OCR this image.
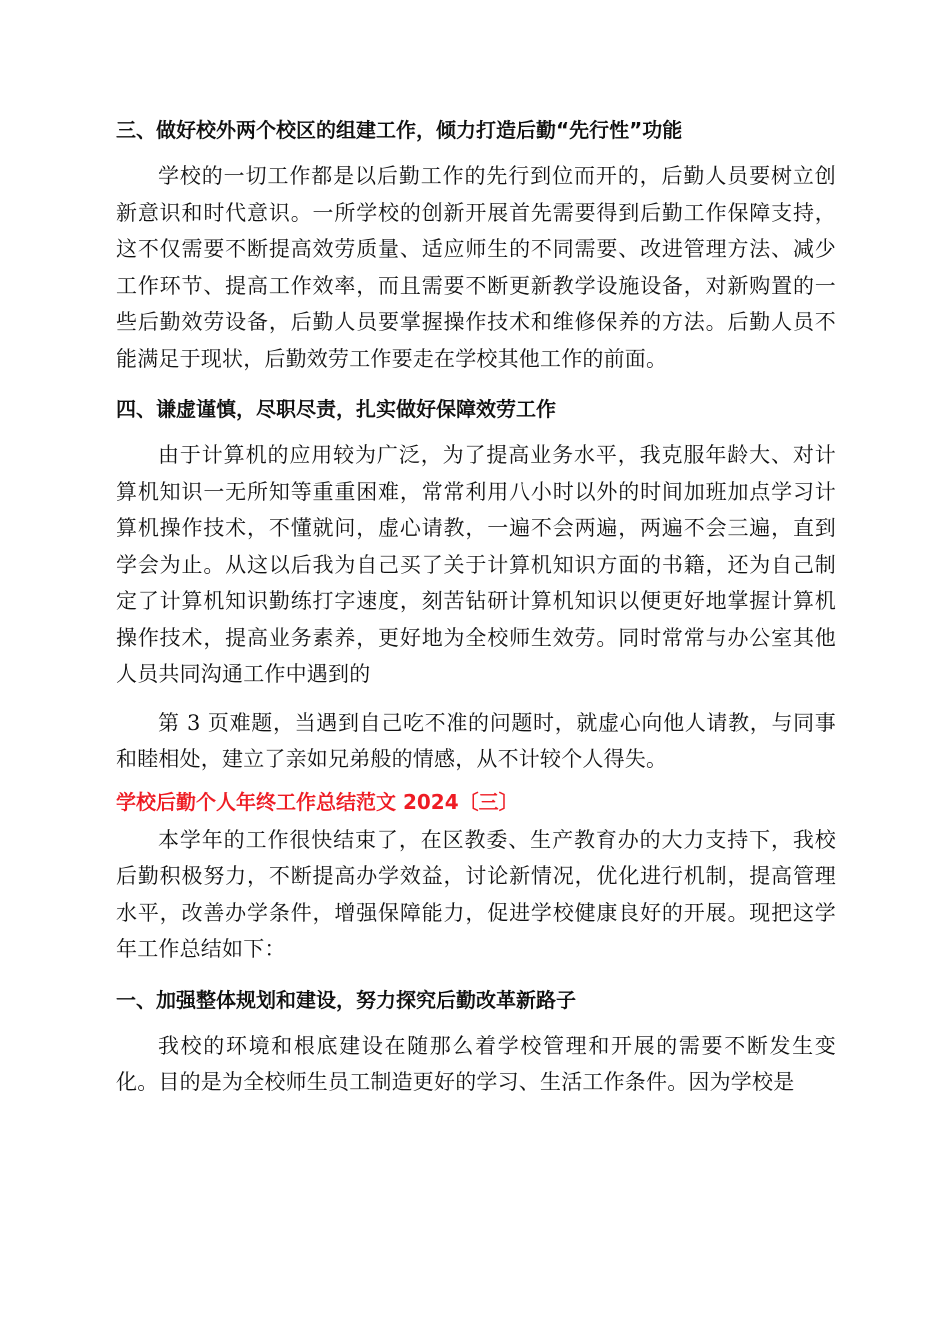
三、做好校外两个校区的组建工作，倾力打造后勤“先行性”功能

学校的一切工作都是以后勤工作的先行到位而开的，后勤人员要树立创新意识和时代意识。一所学校的创新开展首先需要得到后勤工作保障支持，这不仅需要不断提高效劳质量、适应师生的不同需要、改进管理方法、减少工作环节、提高工作效率，而且需要不断更新教学设施设备，对新购置的一些后勤效劳设备，后勤人员要掌握操作技术和维修保养的方法。后勤人员不能满足于现状，后勤效劳工作要走在学校其他工作的前面。

四、谦虚谨慎，尽职尽责，扎实做好保障效劳工作

由于计算机的应用较为广泛，为了提高业务水平，我克服年龄大、对计算机知识一无所知等重重困难，常常利用八小时以外的时间加班加点学习计算机操作技术，不懂就问，虚心请教，一遍不会两遍，两遍不会三遍，直到学会为止。从这以后我为自己买了关于计算机知识方面的书籍，还为自己制定了计算机知识勤练打字速度，刻苦钻研计算机知识以便更好地掌握计算机操作技术，提高业务素养，更好地为全校师生效劳。同时常常与办公室其他人员共同沟通工作中遇到的

第 3 页难题，当遇到自己吃不准的问题时，就虚心向他人请教，与同事和睦相处，建立了亲如兄弟般的情感，从不计较个人得失。

学校后勤个人年终工作总结范文 2024〔三〕

本学年的工作很快结束了，在区教委、生产教育办的大力支持下，我校后勤积极努力，不断提高办学效益，讨论新情况，优化进行机制，提高管理水平，改善办学条件，增强保障能力，促进学校健康良好的开展。现把这学年工作总结如下：

一、加强整体规划和建设，努力探究后勤改革新路子

我校的环境和根底建设在随那么着学校管理和开展的需要不断发生变化。目的是为全校师生员工制造更好的学习、生活工作条件。因为学校是
